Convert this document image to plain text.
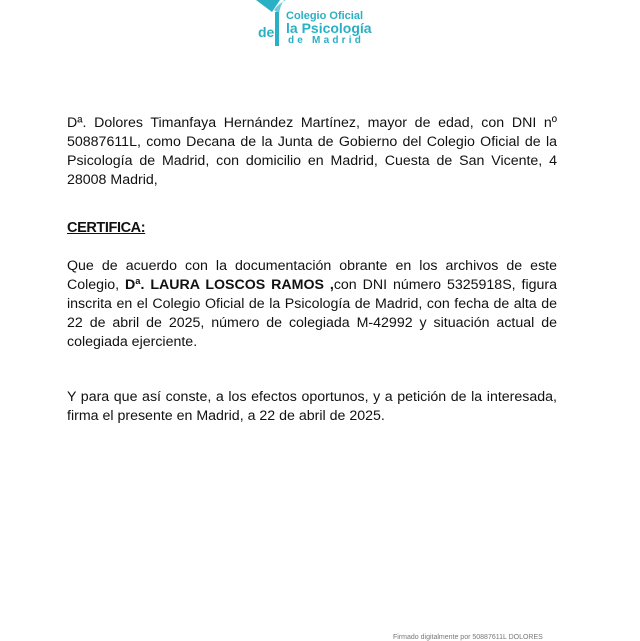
de
Colegio Oficial
la Psicología
de Madrid
Dª. Dolores Timanfaya Hernández Martínez, mayor de edad, con DNI nº
50887611L, como Decana de la Junta de Gobierno del Colegio Oficial de la
Psicología de Madrid, con domicilio en Madrid, Cuesta de San Vicente, 4
28008 Madrid,
CERTIFICA:
Que de acuerdo con la documentación obrante en los archivos de este
Colegio, Dª. LAURA LOSCOS RAMOS ,con DNI número 5325918S, figura
inscrita en el Colegio Oficial de la Psicología de Madrid, con fecha de alta de
22 de abril de 2025, número de colegiada M-42992 y situación actual de
colegiada ejerciente.
Y para que así conste, a los efectos oportunos, y a petición de la interesada,
firma el presente en Madrid, a 22 de abril de 2025.
Firmado digitalmente por 50887611L DOLORES
